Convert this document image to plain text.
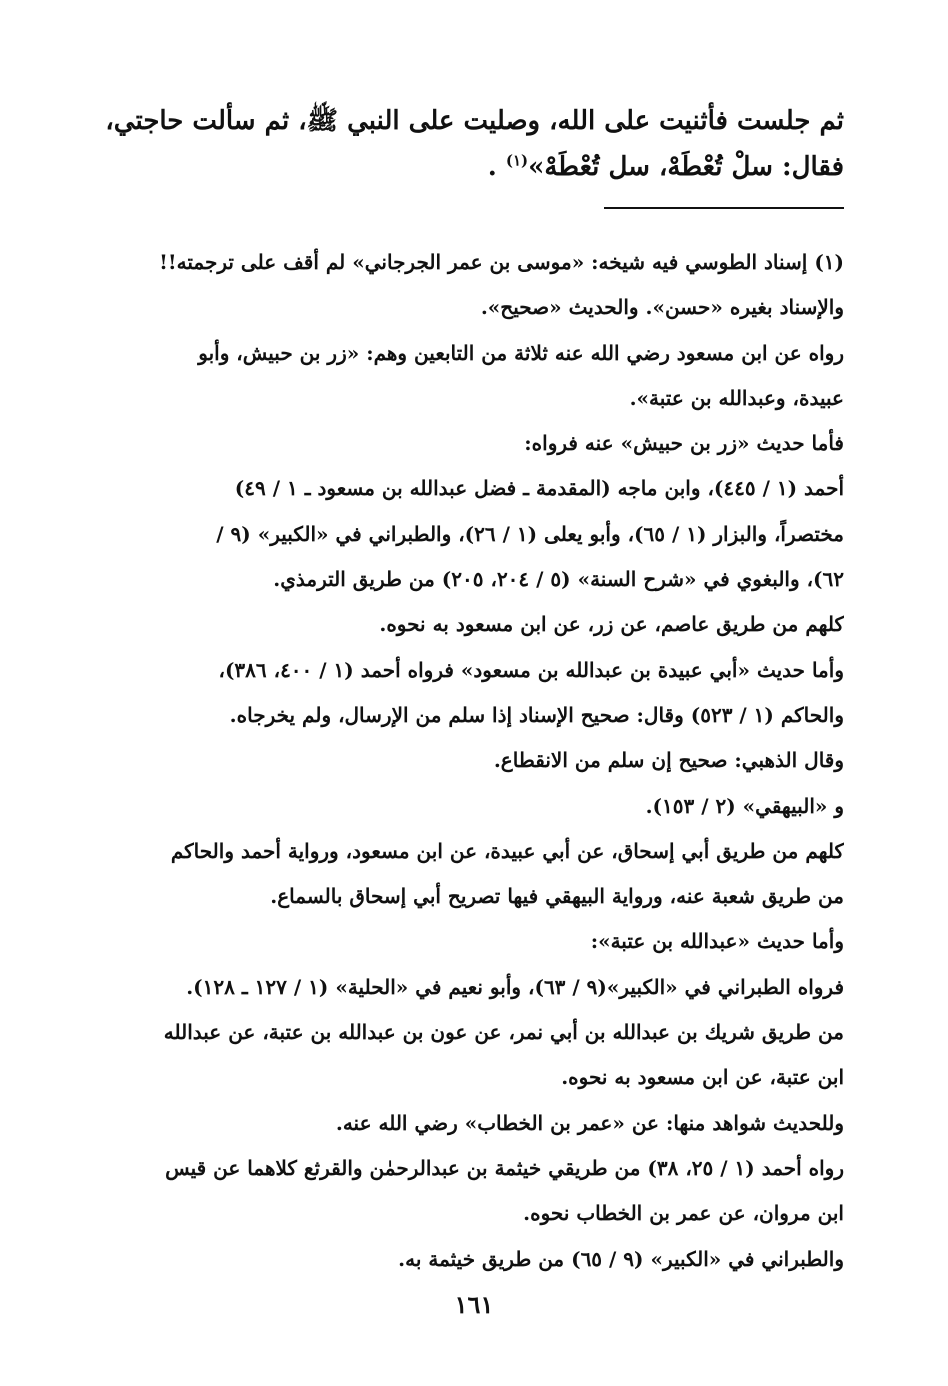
ثم جلست فأثنيت على الله، وصليت على النبي ﷺ، ثم سألت حاجتي،
فقال: سلْ تُعْطَهْ، سل تُعْطَهْ»$^{(١)}$ .
(١) إسناد الطوسي فيه شيخه: «موسى بن عمر الجرجاني» لم أقف على ترجمته!!
والإسناد بغيره «حسن». والحديث «صحيح».
رواه عن ابن مسعود رضي الله عنه ثلاثة من التابعين وهم: «زر بن حبيش، وأبو
عبيدة، وعبدالله بن عتبة».
فأما حديث «زر بن حبيش» عنه فرواه:
أحمد (١ / ٤٤٥)، وابن ماجه (المقدمة ـ فضل عبدالله بن مسعود ـ ١ / ٤٩)
مختصراً، والبزار (١ / ٦٥)، وأبو يعلى (١ / ٢٦)، والطبراني في «الكبير» (٩ /
٦٢)، والبغوي في «شرح السنة» (٥ / ٢٠٤، ٢٠٥) من طريق الترمذي.
كلهم من طريق عاصم، عن زر، عن ابن مسعود به نحوه.
وأما حديث «أبي عبيدة بن عبدالله بن مسعود» فرواه أحمد (١ / ٤٠٠، ٣٨٦)،
والحاكم (١ / ٥٢٣) وقال: صحيح الإسناد إذا سلم من الإرسال، ولم يخرجاه.
وقال الذهبي: صحيح إن سلم من الانقطاع.
و «البيهقي» (٢ / ١٥٣).
كلهم من طريق أبي إسحاق، عن أبي عبيدة، عن ابن مسعود، ورواية أحمد والحاكم
من طريق شعبة عنه، ورواية البيهقي فيها تصريح أبي إسحاق بالسماع.
وأما حديث «عبدالله بن عتبة»:
فرواه الطبراني في «الكبير»(٩ / ٦٣)، وأبو نعيم في «الحلية» (١ / ١٢٧ ـ ١٢٨).
من طريق شريك بن عبدالله بن أبي نمر، عن عون بن عبدالله بن عتبة، عن عبدالله
ابن عتبة، عن ابن مسعود به نحوه.
وللحديث شواهد منها: عن «عمر بن الخطاب» رضي الله عنه.
رواه أحمد (١ / ٢٥، ٣٨) من طريقي خيثمة بن عبدالرحمٰن والقرثع كلاهما عن قيس
ابن مروان، عن عمر بن الخطاب نحوه.
والطبراني في «الكبير» (٩ / ٦٥) من طريق خيثمة به.
١٦١
